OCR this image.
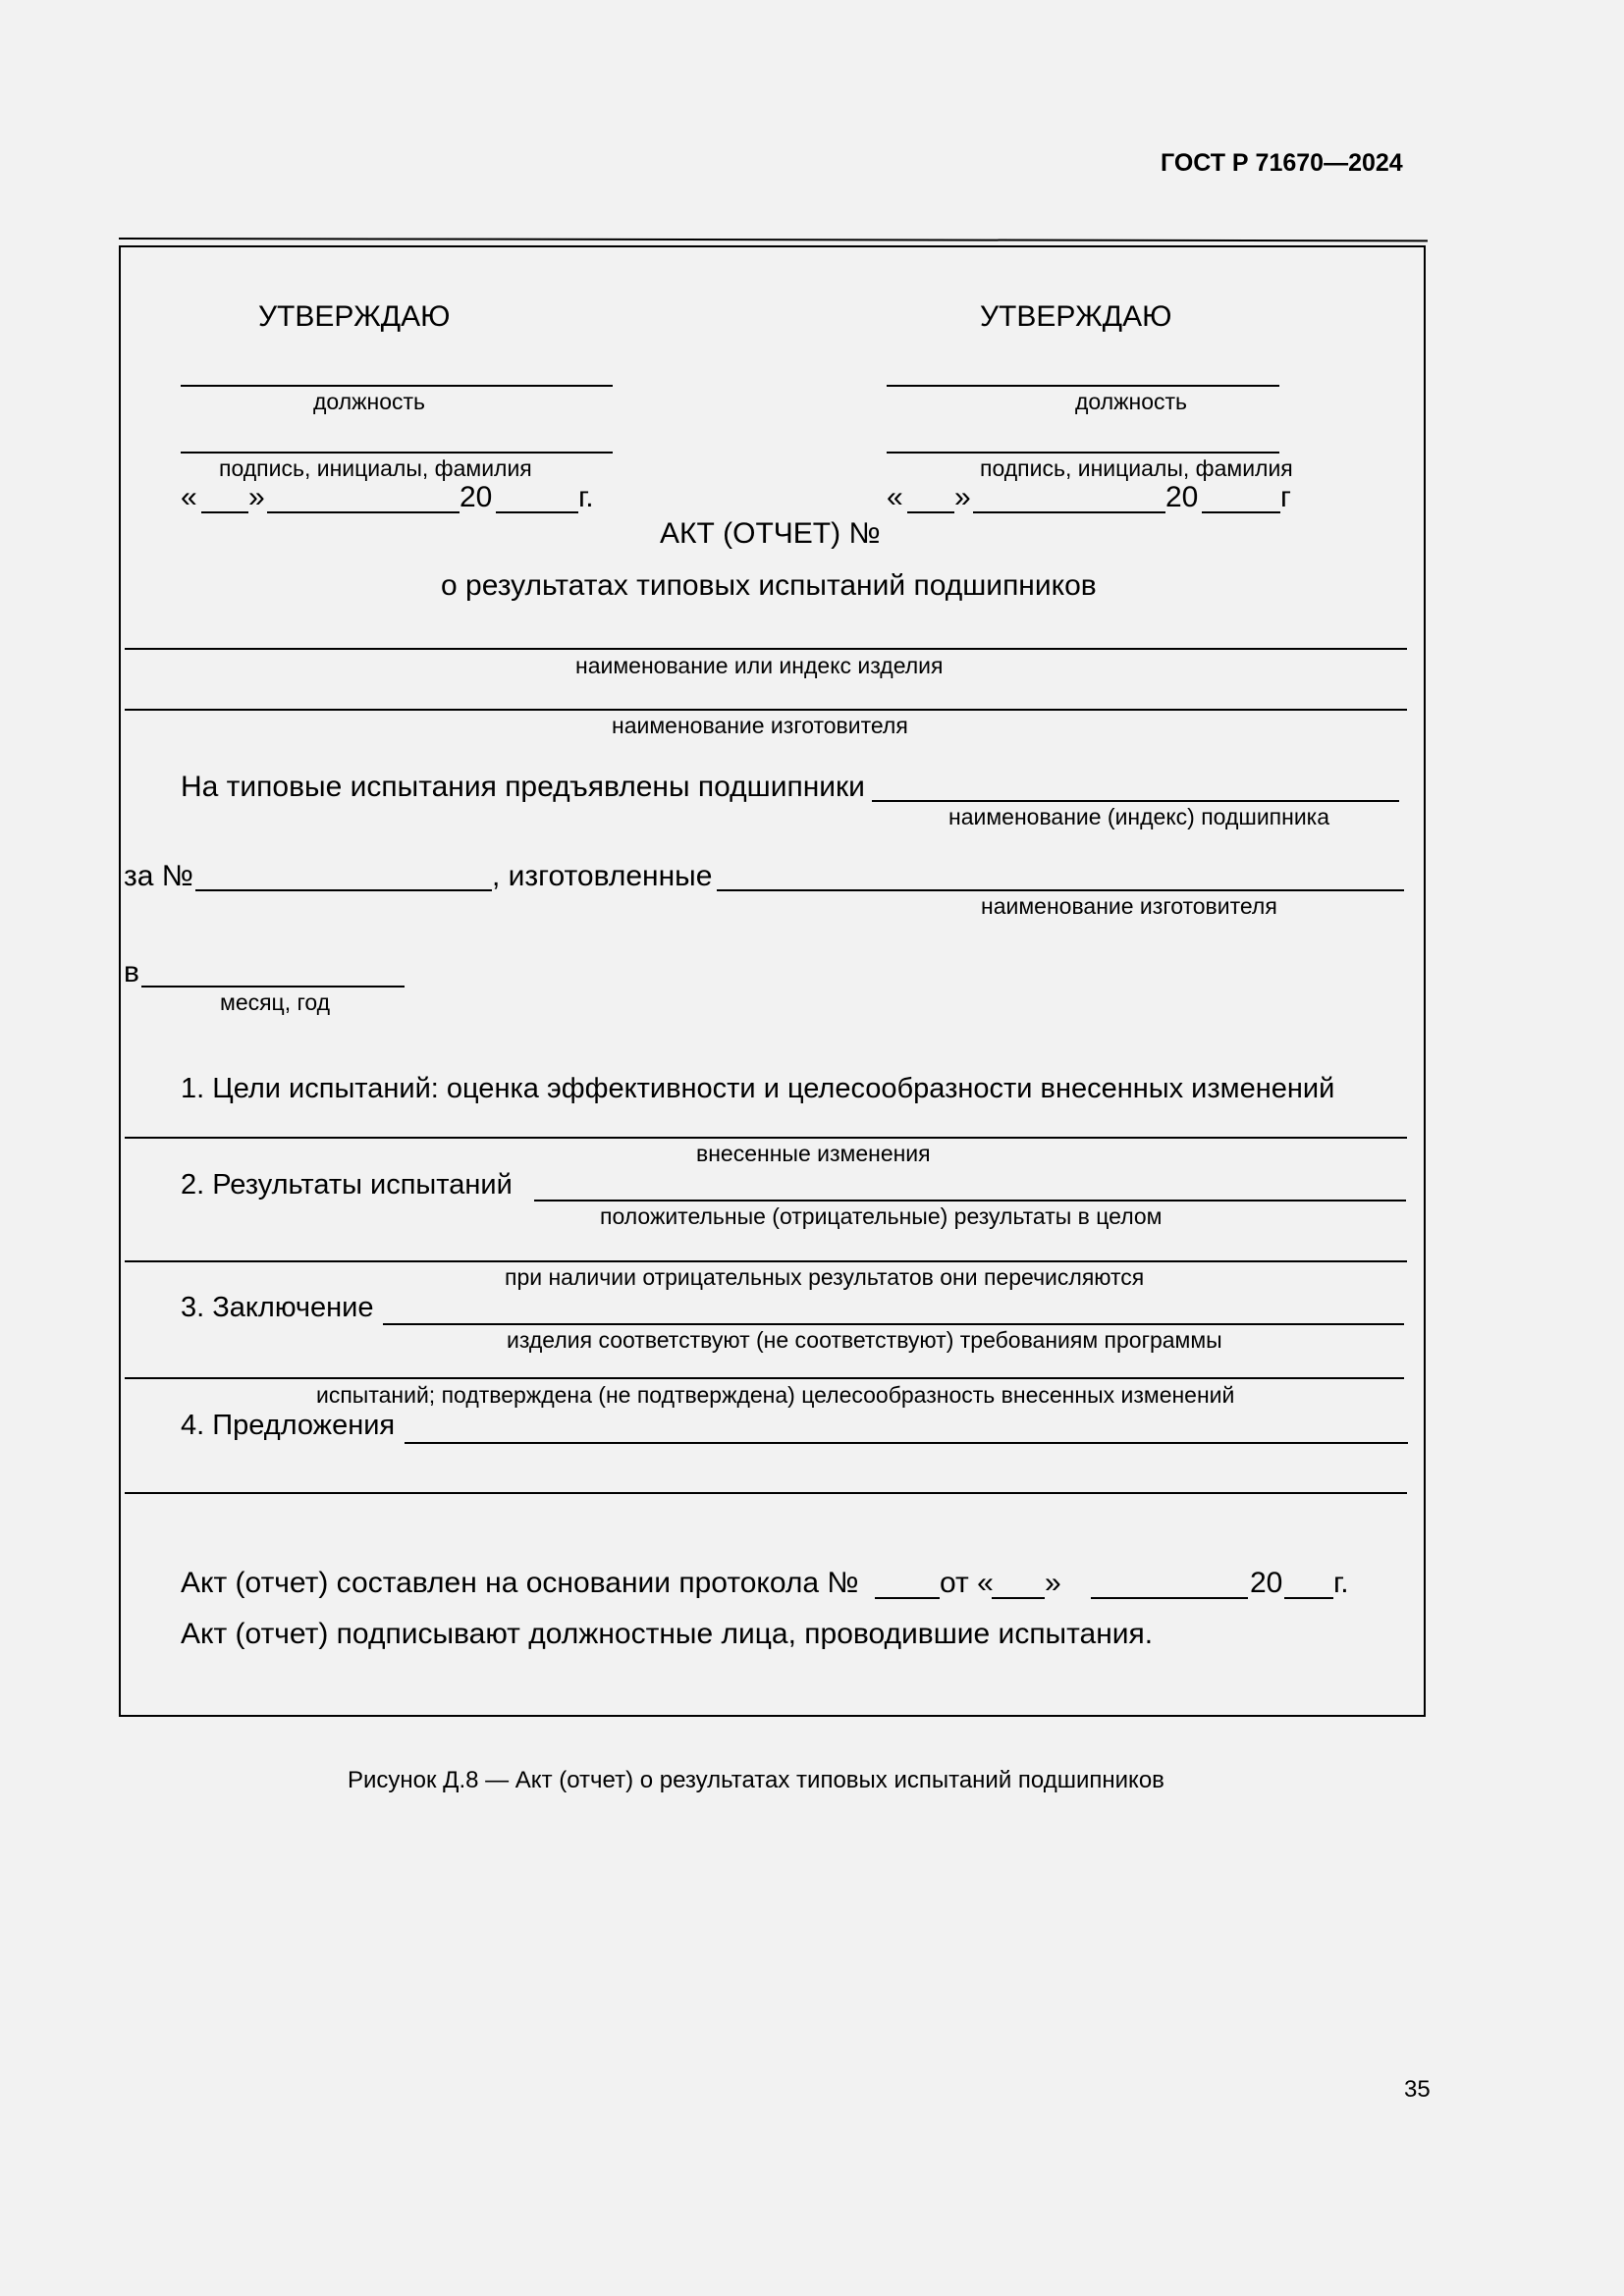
ГОСТ Р 71670—2024
УТВЕРЖДАЮ
должность
подпись, инициалы, фамилия
« »	20	г.
УТВЕРЖДАЮ
должность
подпись, инициалы, фамилия
« »	20	г
АКТ (ОТЧЕТ) №
о результатах типовых испытаний подшипников
наименование или индекс изделия
наименование изготовителя
На типовые испытания предъявлены подшипники
наименование (индекс) подшипника
за №	, изготовленные
наименование изготовителя
в
месяц, год
1. Цели испытаний: оценка эффективности и целесообразности внесенных изменений
внесенные изменения
2. Результаты испытаний
положительные (отрицательные) результаты в целом
при наличии отрицательных результатов они перечисляются
3. Заключение
изделия соответствуют (не соответствуют) требованиям программы
испытаний; подтверждена (не подтверждена) целесообразность внесенных изменений
4. Предложения
Акт (отчет) составлен на основании протокола №	от « »	20 г.
Акт (отчет) подписывают должностные лица, проводившие испытания.
Рисунок Д.8 — Акт (отчет) о результатах типовых испытаний подшипников
35
